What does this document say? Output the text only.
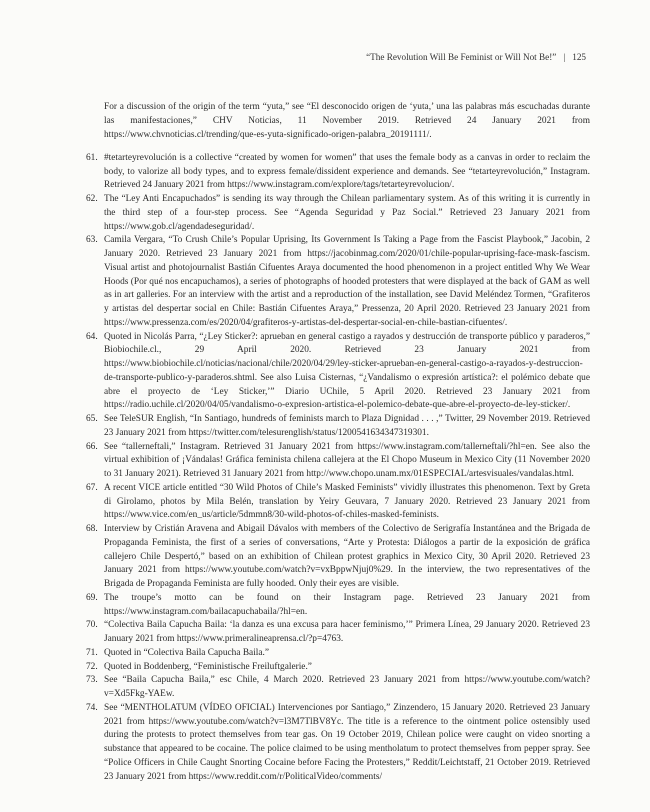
“The Revolution Will Be Feminist or Will Not Be!” | 125

For a discussion of the origin of the term “yuta,” see “El desconocido origen de ‘yuta,’ una las palabras más escuchadas durante las manifestaciones,” CHV Noticias, 11 November 2019. Retrieved 24 January 2021 from https://www.chvnoticias.cl/trending/que-es-yuta-significado-origen-palabra_20191111/.

61. #tetarteyrevolución is a collective “created by women for women” that uses the female body as a canvas in order to reclaim the body, to valorize all body types, and to express female/dissident experience and demands. See “tetarteyrevolución,” Instagram. Retrieved 24 January 2021 from https://www.instagram.com/explore/tags/tetarteyrevolucion/.
62. The “Ley Anti Encapuchados” is sending its way through the Chilean parliamentary system. As of this writing it is currently in the third step of a four-step process. See “Agenda Seguridad y Paz Social.” Retrieved 23 January 2021 from https://www.gob.cl/agendadeseguridad/.
63. Camila Vergara, “To Crush Chile’s Popular Uprising, Its Government Is Taking a Page from the Fascist Playbook,” Jacobin, 2 January 2020. Retrieved 23 January 2021 from https://jacobinmag.com/2020/01/chile-popular-uprising-face-mask-fascism. Visual artist and photojournalist Bastián Cifuentes Araya documented the hood phenomenon in a project entitled Why We Wear Hoods (Por qué nos encapuchamos), a series of photographs of hooded protesters that were displayed at the back of GAM as well as in art galleries. For an interview with the artist and a reproduction of the installation, see David Meléndez Tormen, “Grafiteros y artistas del despertar social en Chile: Bastián Cifuentes Araya,” Pressenza, 20 April 2020. Retrieved 23 January 2021 from https://www.pressenza.com/es/2020/04/grafiteros-y-artistas-del-despertar-social-en-chile-bastian-cifuentes/.
64. Quoted in Nicolás Parra, “¿Ley Sticker?: aprueban en general castigo a rayados y destrucción de transporte público y paraderos,” Biobiochile.cl., 29 April 2020. Retrieved 23 January 2021 from https://www.biobiochile.cl/noticias/nacional/chile/2020/04/29/ley-sticker-aprueban-en-general-castigo-a-rayados-y-destruccion-de-transporte-publico-y-paraderos.shtml. See also Luisa Cisternas, “¿Vandalismo o expresión artística?: el polémico debate que abre el proyecto de ‘Ley Sticker,’” Diario UChile, 5 April 2020. Retrieved 23 January 2021 from https://radio.uchile.cl/2020/04/05/vandalismo-o-expresion-artistica-el-polemico-debate-que-abre-el-proyecto-de-ley-sticker/.
65. See TeleSUR English, “In Santiago, hundreds of feminists march to Plaza Dignidad . . . ,” Twitter, 29 November 2019. Retrieved 23 January 2021 from https://twitter.com/telesurenglish/status/1200541634347319301.
66. See “tallerneftali,” Instagram. Retrieved 31 January 2021 from https://www.instagram.com/tallerneftali/?hl=en. See also the virtual exhibition of ¡Vándalas! Gráfica feminista chilena callejera at the El Chopo Museum in Mexico City (11 November 2020 to 31 January 2021). Retrieved 31 January 2021 from http://www.chopo.unam.mx/01ESPECIAL/artesvisuales/vandalas.html.
67. A recent VICE article entitled “30 Wild Photos of Chile’s Masked Feminists” vividly illustrates this phenomenon. Text by Greta di Girolamo, photos by Mila Belén, translation by Yeiry Geuvara, 7 January 2020. Retrieved 23 January 2021 from https://www.vice.com/en_us/article/5dmmn8/30-wild-photos-of-chiles-masked-feminists.
68. Interview by Cristián Aravena and Abigail Dávalos with members of the Colectivo de Serigrafía Instantánea and the Brigada de Propaganda Feminista, the first of a series of conversations, “Arte y Protesta: Diálogos a partir de la exposición de gráfica callejero Chile Despertó,” based on an exhibition of Chilean protest graphics in Mexico City, 30 April 2020. Retrieved 23 January 2021 from https://www.youtube.com/watch?v=vxBppwNjuj0%29. In the interview, the two representatives of the Brigada de Propaganda Feminista are fully hooded. Only their eyes are visible.
69. The troupe’s motto can be found on their Instagram page. Retrieved 23 January 2021 from https://www.instagram.com/bailacapuchabaila/?hl=en.
70. “Colectiva Baila Capucha Baila: ‘la danza es una excusa para hacer feminismo,’” Primera Línea, 29 January 2020. Retrieved 23 January 2021 from https://www.primeralineaprensa.cl/?p=4763.
71. Quoted in “Colectiva Baila Capucha Baila.”
72. Quoted in Boddenberg, “Feministische Freiluftgalerie.”
73. See “Baila Capucha Baila,” esc Chile, 4 March 2020. Retrieved 23 January 2021 from https://www.youtube.com/watch?v=Xd5Fkg-YAEw.
74. See “MENTHOLATUM (VÍDEO OFICIAL) Intervenciones por Santiago,” Zinzendero, 15 January 2020. Retrieved 23 January 2021 from https://www.youtube.com/watch?v=l3M7TlBV8Yc. The title is a reference to the ointment police ostensibly used during the protests to protect themselves from tear gas. On 19 October 2019, Chilean police were caught on video snorting a substance that appeared to be cocaine. The police claimed to be using mentholatum to protect themselves from pepper spray. See “Police Officers in Chile Caught Snorting Cocaine before Facing the Protesters,” Reddit/Leichtstaff, 21 October 2019. Retrieved 23 January 2021 from https://www.reddit.com/r/PoliticalVideo/comments/
